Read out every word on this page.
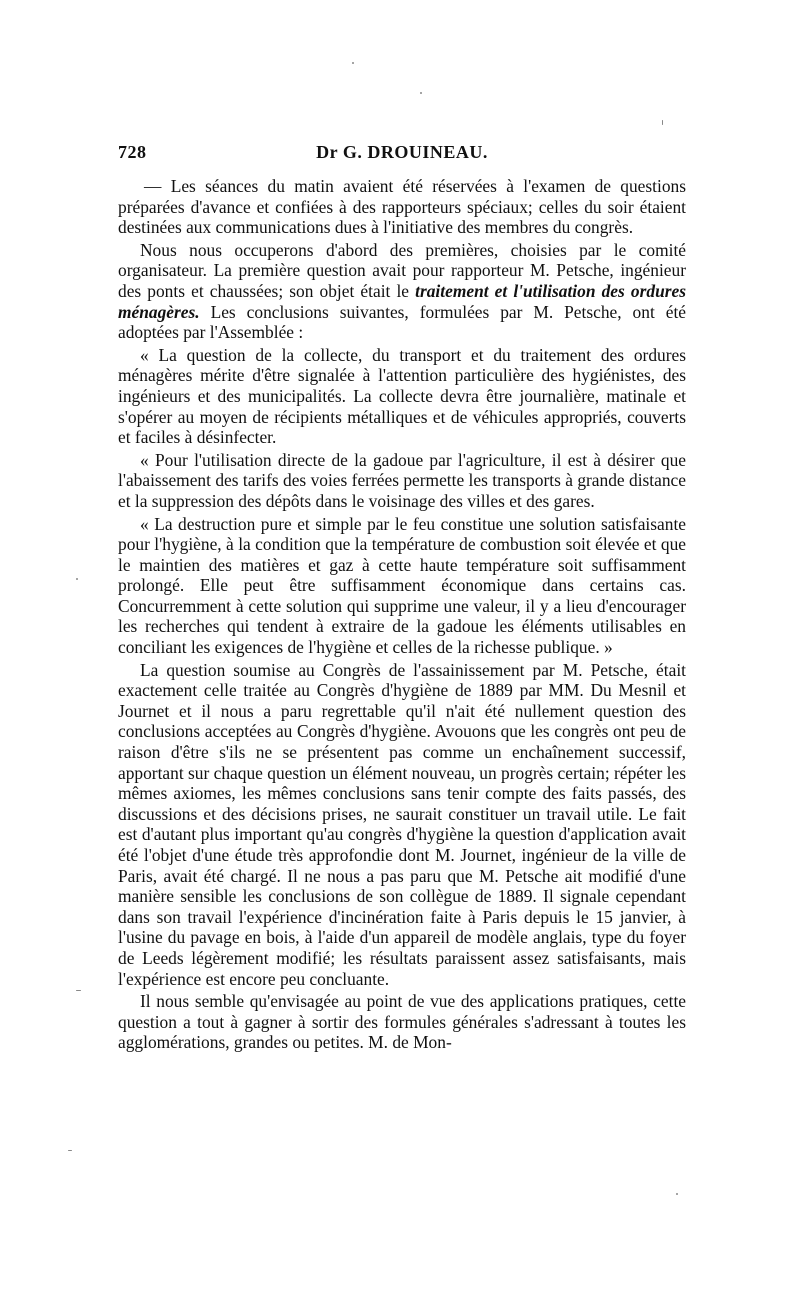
728	Dr G. DROUINEAU.

— Les séances du matin avaient été réservées à l'examen de questions préparées d'avance et confiées à des rapporteurs spéciaux; celles du soir étaient destinées aux communications dues à l'initiative des membres du congrès.

Nous nous occuperons d'abord des premières, choisies par le comité organisateur. La première question avait pour rapporteur M. Petsche, ingénieur des ponts et chaussées; son objet était le traitement et l'utilisation des ordures ménagères. Les conclusions suivantes, formulées par M. Petsche, ont été adoptées par l'Assemblée :

« La question de la collecte, du transport et du traitement des ordures ménagères mérite d'être signalée à l'attention particulière des hygiénistes, des ingénieurs et des municipalités. La collecte devra être journalière, matinale et s'opérer au moyen de récipients métalliques et de véhicules appropriés, couverts et faciles à désinfecter.

« Pour l'utilisation directe de la gadoue par l'agriculture, il est à désirer que l'abaissement des tarifs des voies ferrées permette les transports à grande distance et la suppression des dépôts dans le voisinage des villes et des gares.

« La destruction pure et simple par le feu constitue une solution satisfaisante pour l'hygiène, à la condition que la température de combustion soit élevée et que le maintien des matières et gaz à cette haute température soit suffisamment prolongé. Elle peut être suffisamment économique dans certains cas. Concurremment à cette solution qui supprime une valeur, il y a lieu d'encourager les recherches qui tendent à extraire de la gadoue les éléments utilisables en conciliant les exigences de l'hygiène et celles de la richesse publique. »

La question soumise au Congrès de l'assainissement par M. Petsche, était exactement celle traitée au Congrès d'hygiène de 1889 par MM. Du Mesnil et Journet et il nous a paru regrettable qu'il n'ait été nullement question des conclusions acceptées au Congrès d'hygiène. Avouons que les congrès ont peu de raison d'être s'ils ne se présentent pas comme un enchaînement successif, apportant sur chaque question un élément nouveau, un progrès certain; répéter les mêmes axiomes, les mêmes conclusions sans tenir compte des faits passés, des discussions et des décisions prises, ne saurait constituer un travail utile. Le fait est d'autant plus important qu'au congrès d'hygiène la question d'application avait été l'objet d'une étude très approfondie dont M. Journet, ingénieur de la ville de Paris, avait été chargé. Il ne nous a pas paru que M. Petsche ait modifié d'une manière sensible les conclusions de son collègue de 1889. Il signale cependant dans son travail l'expérience d'incinération faite à Paris depuis le 15 janvier, à l'usine du pavage en bois, à l'aide d'un appareil de modèle anglais, type du foyer de Leeds légèrement modifié; les résultats paraissent assez satisfaisants, mais l'expérience est encore peu concluante.

Il nous semble qu'envisagée au point de vue des applications pratiques, cette question a tout à gagner à sortir des formules générales s'adressant à toutes les agglomérations, grandes ou petites. M. de Mon-
